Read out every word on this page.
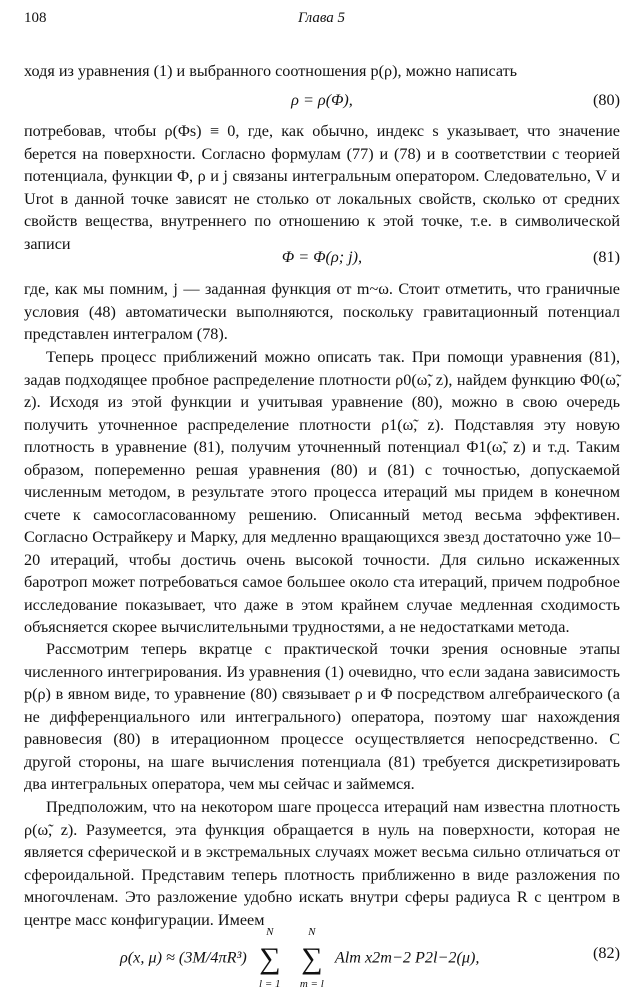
108	Глава 5

ходя из уравнения (1) и выбранного соотношения p(ρ), можно написать

ρ = ρ(Φ),	(80)

потребовав, чтобы ρ(Φs) ≡ 0, где, как обычно, индекс s указывает, что значение берется на поверхности. Согласно формулам (77) и (78) и в соответствии с теорией потенциала, функции Φ, ρ и j связаны интегральным оператором. Следовательно, V и Urot в данной точке зависят не столько от локальных свойств, сколько от средних свойств вещества, внутреннего по отношению к этой точке, т.е. в символической записи

Φ = Φ(ρ; j),	(81)

где, как мы помним, j — заданная функция от m~ω. Стоит отметить, что граничные условия (48) автоматически выполняются, поскольку гравитационный потенциал представлен интегралом (78).

Теперь процесс приближений можно описать так. При помощи уравнения (81), задав подходящее пробное распределение плотности ρ0(ω̃, z), найдем функцию Φ0(ω̃, z). Исходя из этой функции и учитывая уравнение (80), можно в свою очередь получить уточненное распределение плотности ρ1(ω̃, z). Подставляя эту новую плотность в уравнение (81), получим уточненный потенциал Φ1(ω̃, z) и т.д. Таким образом, попеременно решая уравнения (80) и (81) с точностью, допускаемой численным методом, в результате этого процесса итераций мы придем в конечном счете к самосогласованному решению. Описанный метод весьма эффективен. Согласно Острайкеру и Марку, для медленно вращающихся звезд достаточно уже 10–20 итераций, чтобы достичь очень высокой точности. Для сильно искаженных баротроп может потребоваться самое большее около ста итераций, причем подробное исследование показывает, что даже в этом крайнем случае медленная сходимость объясняется скорее вычислительными трудностями, а не недостатками метода.

Рассмотрим теперь вкратце с практической точки зрения основные этапы численного интегрирования. Из уравнения (1) очевидно, что если задана зависимость p(ρ) в явном виде, то уравнение (80) связывает ρ и Φ посредством алгебраического (а не дифференциального или интегрального) оператора, поэтому шаг нахождения равновесия (80) в итерационном процессе осуществляется непосредственно. С другой стороны, на шаге вычисления потенциала (81) требуется дискретизировать два интегральных оператора, чем мы сейчас и займемся.

Предположим, что на некотором шаге процесса итераций нам известна плотность ρ(ω̃, z). Разумеется, эта функция обращается в нуль на поверхности, которая не является сферической и в экстремальных случаях может весьма сильно отличаться от сфероидальной. Представим теперь плотность приближенно в виде разложения по многочленам. Это разложение удобно искать внутри сферы радиуса R с центром в центре масс конфигурации. Имеем

ρ(x, μ) ≈ (3M/4πR³)
N
∑
l = 1

N
∑
m = l
Alm x2m−2 P2l−2(μ),	(82)
